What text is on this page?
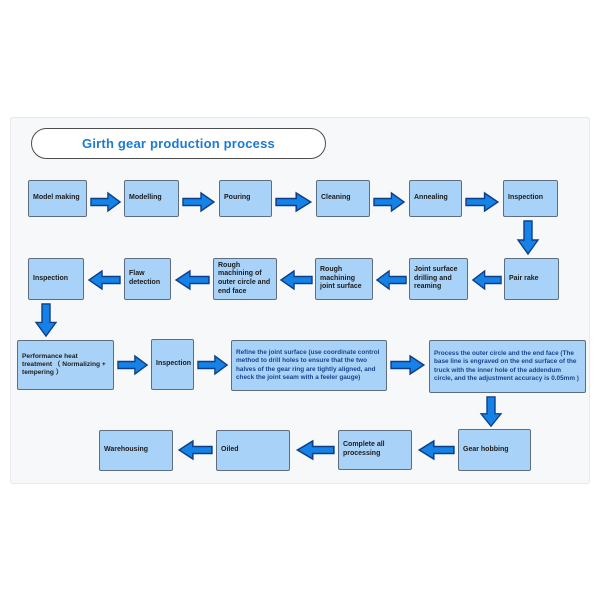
Girth gear production process
Model making	Modelling	Pouring	Cleaning	Annealing	Inspection
Pair rake
Joint surface drilling and reaming
Rough machining joint surface
Rough machining of outer circle and end face
Flaw detection
Inspection
Performance heat treatment （ Normalizing + tempering ）
Inspection
Refine the joint surface (use coordinate control method to drill holes to ensure that the two halves of the gear ring are tightly aligned, and check the joint seam with a feeler gauge)
Process the outer circle and the end face (The base line is engraved on the end surface of the truck with the inner hole of the addendum circle, and the adjustment accuracy is 0.05mm )
Gear hobbing
Complete all processing
Oiled
Warehousing
